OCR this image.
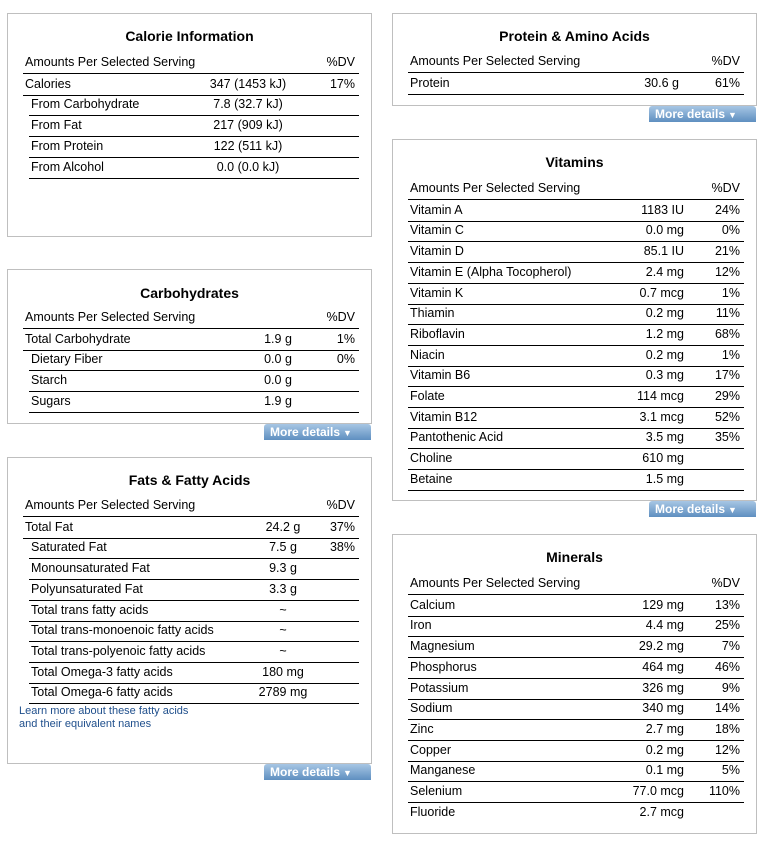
Calorie Information
Amounts Per Selected Serving	%DV
Calories	347 (1453 kJ)	17%
From Carbohydrate	7.8 (32.7 kJ)
From Fat	217 (909 kJ)
From Protein	122 (511 kJ)
From Alcohol	0.0 (0.0 kJ)
Carbohydrates
Amounts Per Selected Serving	%DV
Total Carbohydrate	1.9 g	1%
Dietary Fiber	0.0 g	0%
Starch	0.0 g
Sugars	1.9 g
More details ▼
Fats & Fatty Acids
Amounts Per Selected Serving	%DV
Total Fat	24.2 g	37%
Saturated Fat	7.5 g	38%
Monounsaturated Fat	9.3 g
Polyunsaturated Fat	3.3 g
Total trans fatty acids	~
Total trans-monoenoic fatty acids	~
Total trans-polyenoic fatty acids	~
Total Omega-3 fatty acids	180 mg
Total Omega-6 fatty acids	2789 mg
Learn more about these fatty acids
and their equivalent names
More details ▼
Protein & Amino Acids
Amounts Per Selected Serving	%DV
Protein	30.6 g	61%
More details ▼
Vitamins
Amounts Per Selected Serving	%DV
Vitamin A	1183 IU 24%
Vitamin C	0.0 mg	0%
Vitamin D	85.1 IU 21%
Vitamin E (Alpha Tocopherol)	2.4 mg 12%
Vitamin K	0.7 mcg	1%
Thiamin	0.2 mg	11%
Riboflavin	1.2 mg 68%
Niacin	0.2 mg	1%
Vitamin B6	0.3 mg 17%
Folate	114 mcg 29%
Vitamin B12	3.1 mcg 52%
Pantothenic Acid	3.5 mg 35%
Choline	610 mg
Betaine	1.5 mg
More details ▼
Minerals
Amounts Per Selected Serving	%DV
Calcium	129 mg 13%
Iron	4.4 mg 25%
Magnesium	29.2 mg	7%
Phosphorus	464 mg 46%
Potassium	326 mg	9%
Sodium	340 mg 14%
Zinc	2.7 mg 18%
Copper	0.2 mg 12%
Manganese	0.1 mg	5%
Selenium	77.0 mcg 110%
Fluoride	2.7 mcg
